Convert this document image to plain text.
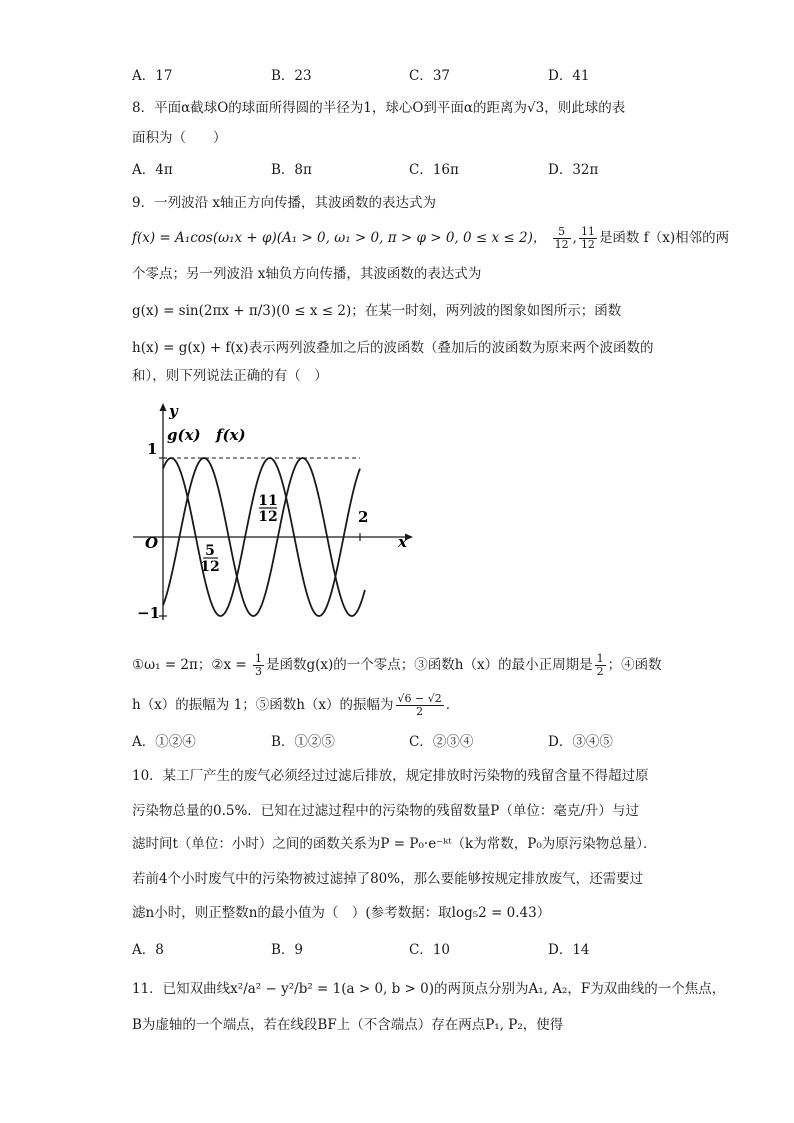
A．17	B．23	C．37	D．41
8．平面α截球O的球面所得圆的半径为1，球心O到平面α的距离为√3，则此球的表
面积为（　　）
A．4π	B．8π	C．16π	D．32π
9．一列波沿 x轴正方向传播，其波函数的表达式为
f(x) = A₁cos(ω₁x + φ)(A₁ > 0, ω₁ > 0, π > φ > 0, 0 ≤ x ≤ 2)， $\frac{5}{12}$ , $\frac{11}{12}$ 是函数 f（x)相邻的两
个零点；另一列波沿 x轴负方向传播，其波函数的表达式为
g(x) = sin(2πx + π/3)(0 ≤ x ≤ 2)；在某一时刻，两列波的图象如图所示；函数
h(x) = g(x) + f(x)表示两列波叠加之后的波函数（叠加后的波函数为原来两个波函数的
和），则下列说法正确的有（　）
y
x
O
g(x) f(x)
1
−1
2
5
12
11
12
①ω₁ = 2π；②x = $\frac{1}{3}$ 是函数g(x)的一个零点；③函数h（x）的最小正周期是 $\frac{1}{2}$ ；④函数
h（x）的振幅为 1；⑤函数h（x）的振幅为 $\frac{√6 - √2}{2}$ ．
A．①②④	B．①②⑤	C．②③④	D．③④⑤
10．某工厂产生的废气必须经过过滤后排放，规定排放时污染物的残留含量不得超过原
污染物总量的0.5%．已知在过滤过程中的污染物的残留数量P（单位：毫克/升）与过
滤时间t（单位：小时）之间的函数关系为P = P₀·e⁻ᵏᵗ（k为常数，P₀为原污染物总量）．
若前4个小时废气中的污染物被过滤掉了80%，那么要能够按规定排放废气，还需要过
滤n小时，则正整数n的最小值为（　）(参考数据：取log₅2 = 0.43）
A．8	B．9	C．10	D．14
11．已知双曲线x²/a² − y²/b² = 1(a > 0, b > 0)的两顶点分别为A₁, A₂，F为双曲线的一个焦点，
B为虚轴的一个端点，若在线段BF上（不含端点）存在两点P₁, P₂，使得
